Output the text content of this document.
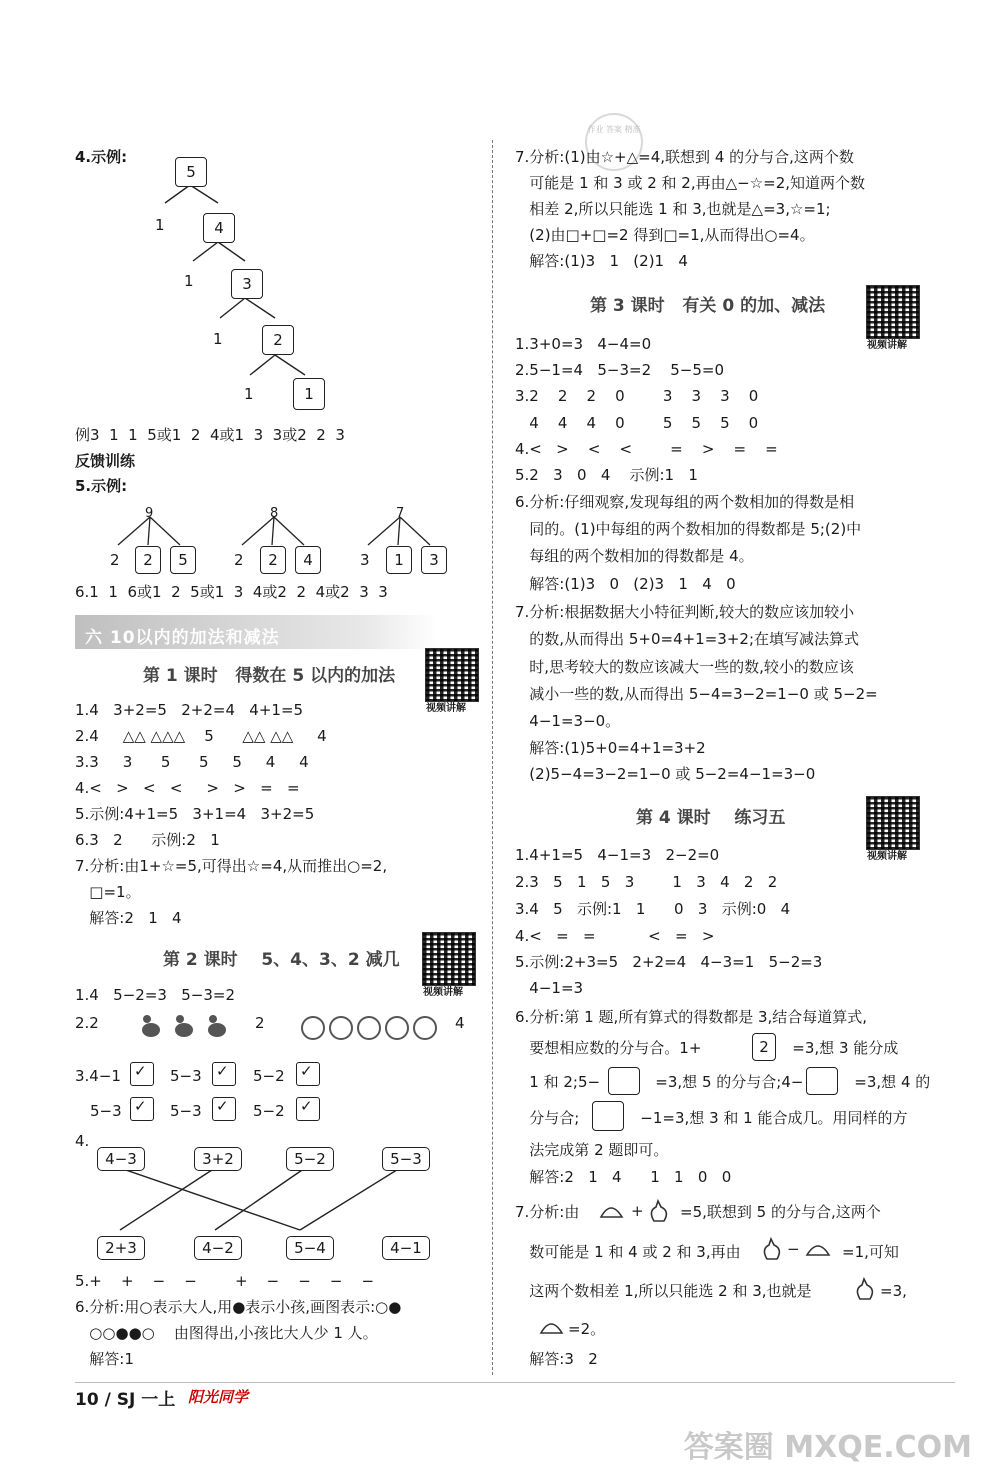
作业 答案 精准
4.示例:
5
1	4
1	3
1	2
1	1
例3  1  1  5或1  2  4或1  3  3或2  2  3
反馈训练
5.示例:
9
2	2	5
8
2	2	4
7
3	1	3
6.1  1  6或1  2  5或1  3  4或2  2  4或2  3  3
六 10以内的加法和减法
第 1 课时   得数在 5 以内的加法
视频讲解
1.4   3+2=5   2+2=4   4+1=5
2.4     △△ △△△    5      △△ △△     4
3.3     3      5      5     5     4     4
4.<   >   <   <     >   >   =   =
5.示例:4+1=5   3+1=4   3+2=5
6.3   2      示例:2   1
7.分析:由1+☆=5,可得出☆=4,从而推出○=2,
□=1。
解答:2   1   4
第 2 课时    5、4、3、2 减几
视频讲解
1.4   5−2=3   5−3=2
2.2	2	4
3.4−1 ✓ 5−3 ✓ 5−2 ✓
5−3 ✓ 5−3 ✓ 5−2 ✓
4.
4−3	3+2	5−2	5−3
2+3	4−2	5−4	4−1
5.+    +    −    −        +    −    −    −    −
6.分析:用○表示大人,用●表示小孩,画图表示:○●
○○●●○    由图得出,小孩比大人少 1 人。
解答:1
7.分析:(1)由☆+△=4,联想到 4 的分与合,这两个数
可能是 1 和 3 或 2 和 2,再由△−☆=2,知道两个数
相差 2,所以只能选 1 和 3,也就是△=3,☆=1;
(2)由□+□=2 得到□=1,从而得出○=4。
解答:(1)3   1   (2)1   4
第 3 课时   有关 0 的加、减法
视频讲解
1.3+0=3   4−4=0
2.5−1=4   5−3=2    5−5=0
3.2    2    2    0        3    3    3    0
4    4    4    0        5    5    5    0
4.<   >    <    <        =    >    =    =
5.2   3   0   4    示例:1   1
6.分析:仔细观察,发现每组的两个数相加的得数是相
同的。(1)中每组的两个数相加的得数都是 5;(2)中
每组的两个数相加的得数都是 4。
解答:(1)3   0   (2)3   1   4   0
7.分析:根据数据大小特征判断,较大的数应该加较小
的数,从而得出 5+0=4+1=3+2;在填写减法算式
时,思考较大的数应该减大一些的数,较小的数应该
减小一些的数,从而得出 5−4=3−2=1−0 或 5−2=
4−1=3−0。
解答:(1)5+0=4+1=3+2
(2)5−4=3−2=1−0 或 5−2=4−1=3−0
第 4 课时    练习五
视频讲解
1.4+1=5   4−1=3   2−2=0
2.3   5   1   5   3        1   3   4   2   2
3.4   5   示例:1   1      0   3   示例:0   4
4.<   =   =           <   =   >
5.示例:2+3=5   2+2=4   4−3=1   5−2=3
4−1=3
6.分析:第 1 题,所有算式的得数都是 3,结合每道算式,
要想相应数的分与合。1+	2 =3,想 3 能分成
1 和 2;5−	=3,想 5 的分与合;4− =3,想 4 的
分与合;	−1=3,想 3 和 1 能合成几。用同样的方
法完成第 2 题即可。
解答:2   1   4      1   1   0   0
7.分析:由	+ =5,联想到 5 的分与合,这两个
数可能是 1 和 4 或 2 和 3,再由	−	=1,可知
这两个数相差 1,所以只能选 2 和 3,也就是	=3,
=2。
解答:3   2
10 / SJ 一上 阳光同学
答案圈 MXQE.COM
